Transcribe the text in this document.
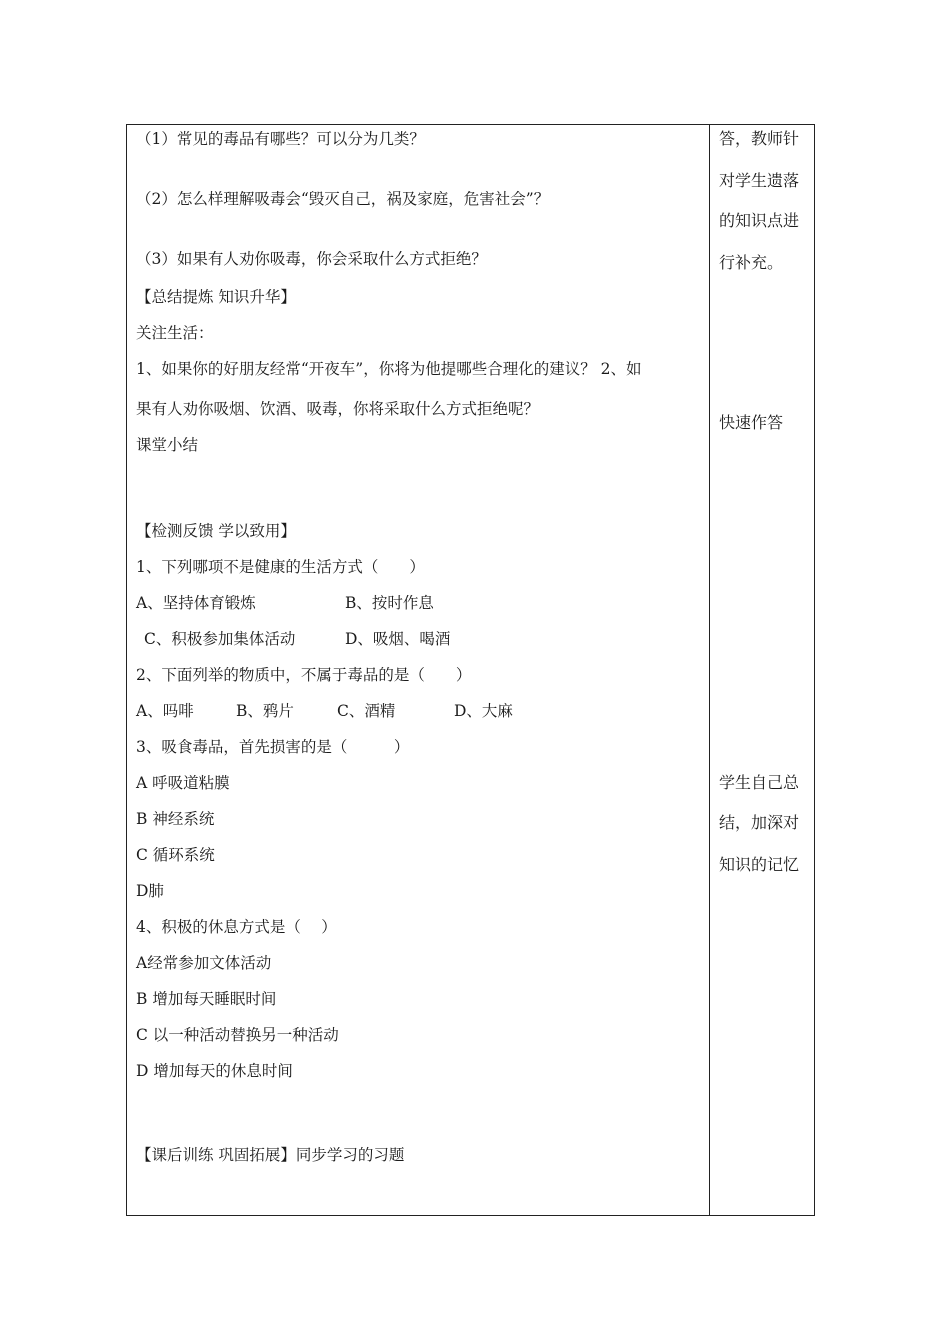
（1）常见的毒品有哪些？可以分为几类？
（2）怎么样理解吸毒会“毁灭自己，祸及家庭，危害社会”？
（3）如果有人劝你吸毒，你会采取什么方式拒绝？
【总结提炼 知识升华】
关注生活：
1、如果你的好朋友经常“开夜车”，你将为他提哪些合理化的建议？ 2、如
果有人劝你吸烟、饮酒、吸毒，你将采取什么方式拒绝呢？
课堂小结
【检测反馈 学以致用】
1、下列哪项不是健康的生活方式（　　）
A、坚持体育锻炼	B、按时作息
C、积极参加集体活动	D、吸烟、喝酒
2、下面列举的物质中，不属于毒品的是（　　）
A、吗啡	B、鸦片	C、酒精	D、大麻
3、吸食毒品，首先损害的是（　　　）
A 呼吸道粘膜
B 神经系统
C 循环系统
D肺
4、积极的休息方式是（　 ）
A经常参加文体活动
B 增加每天睡眠时间
C 以一种活动替换另一种活动
D 增加每天的休息时间
【课后训练 巩固拓展】同步学习的习题
答，教师针
对学生遗落
的知识点进
行补充。
快速作答
学生自己总
结，加深对
知识的记忆
